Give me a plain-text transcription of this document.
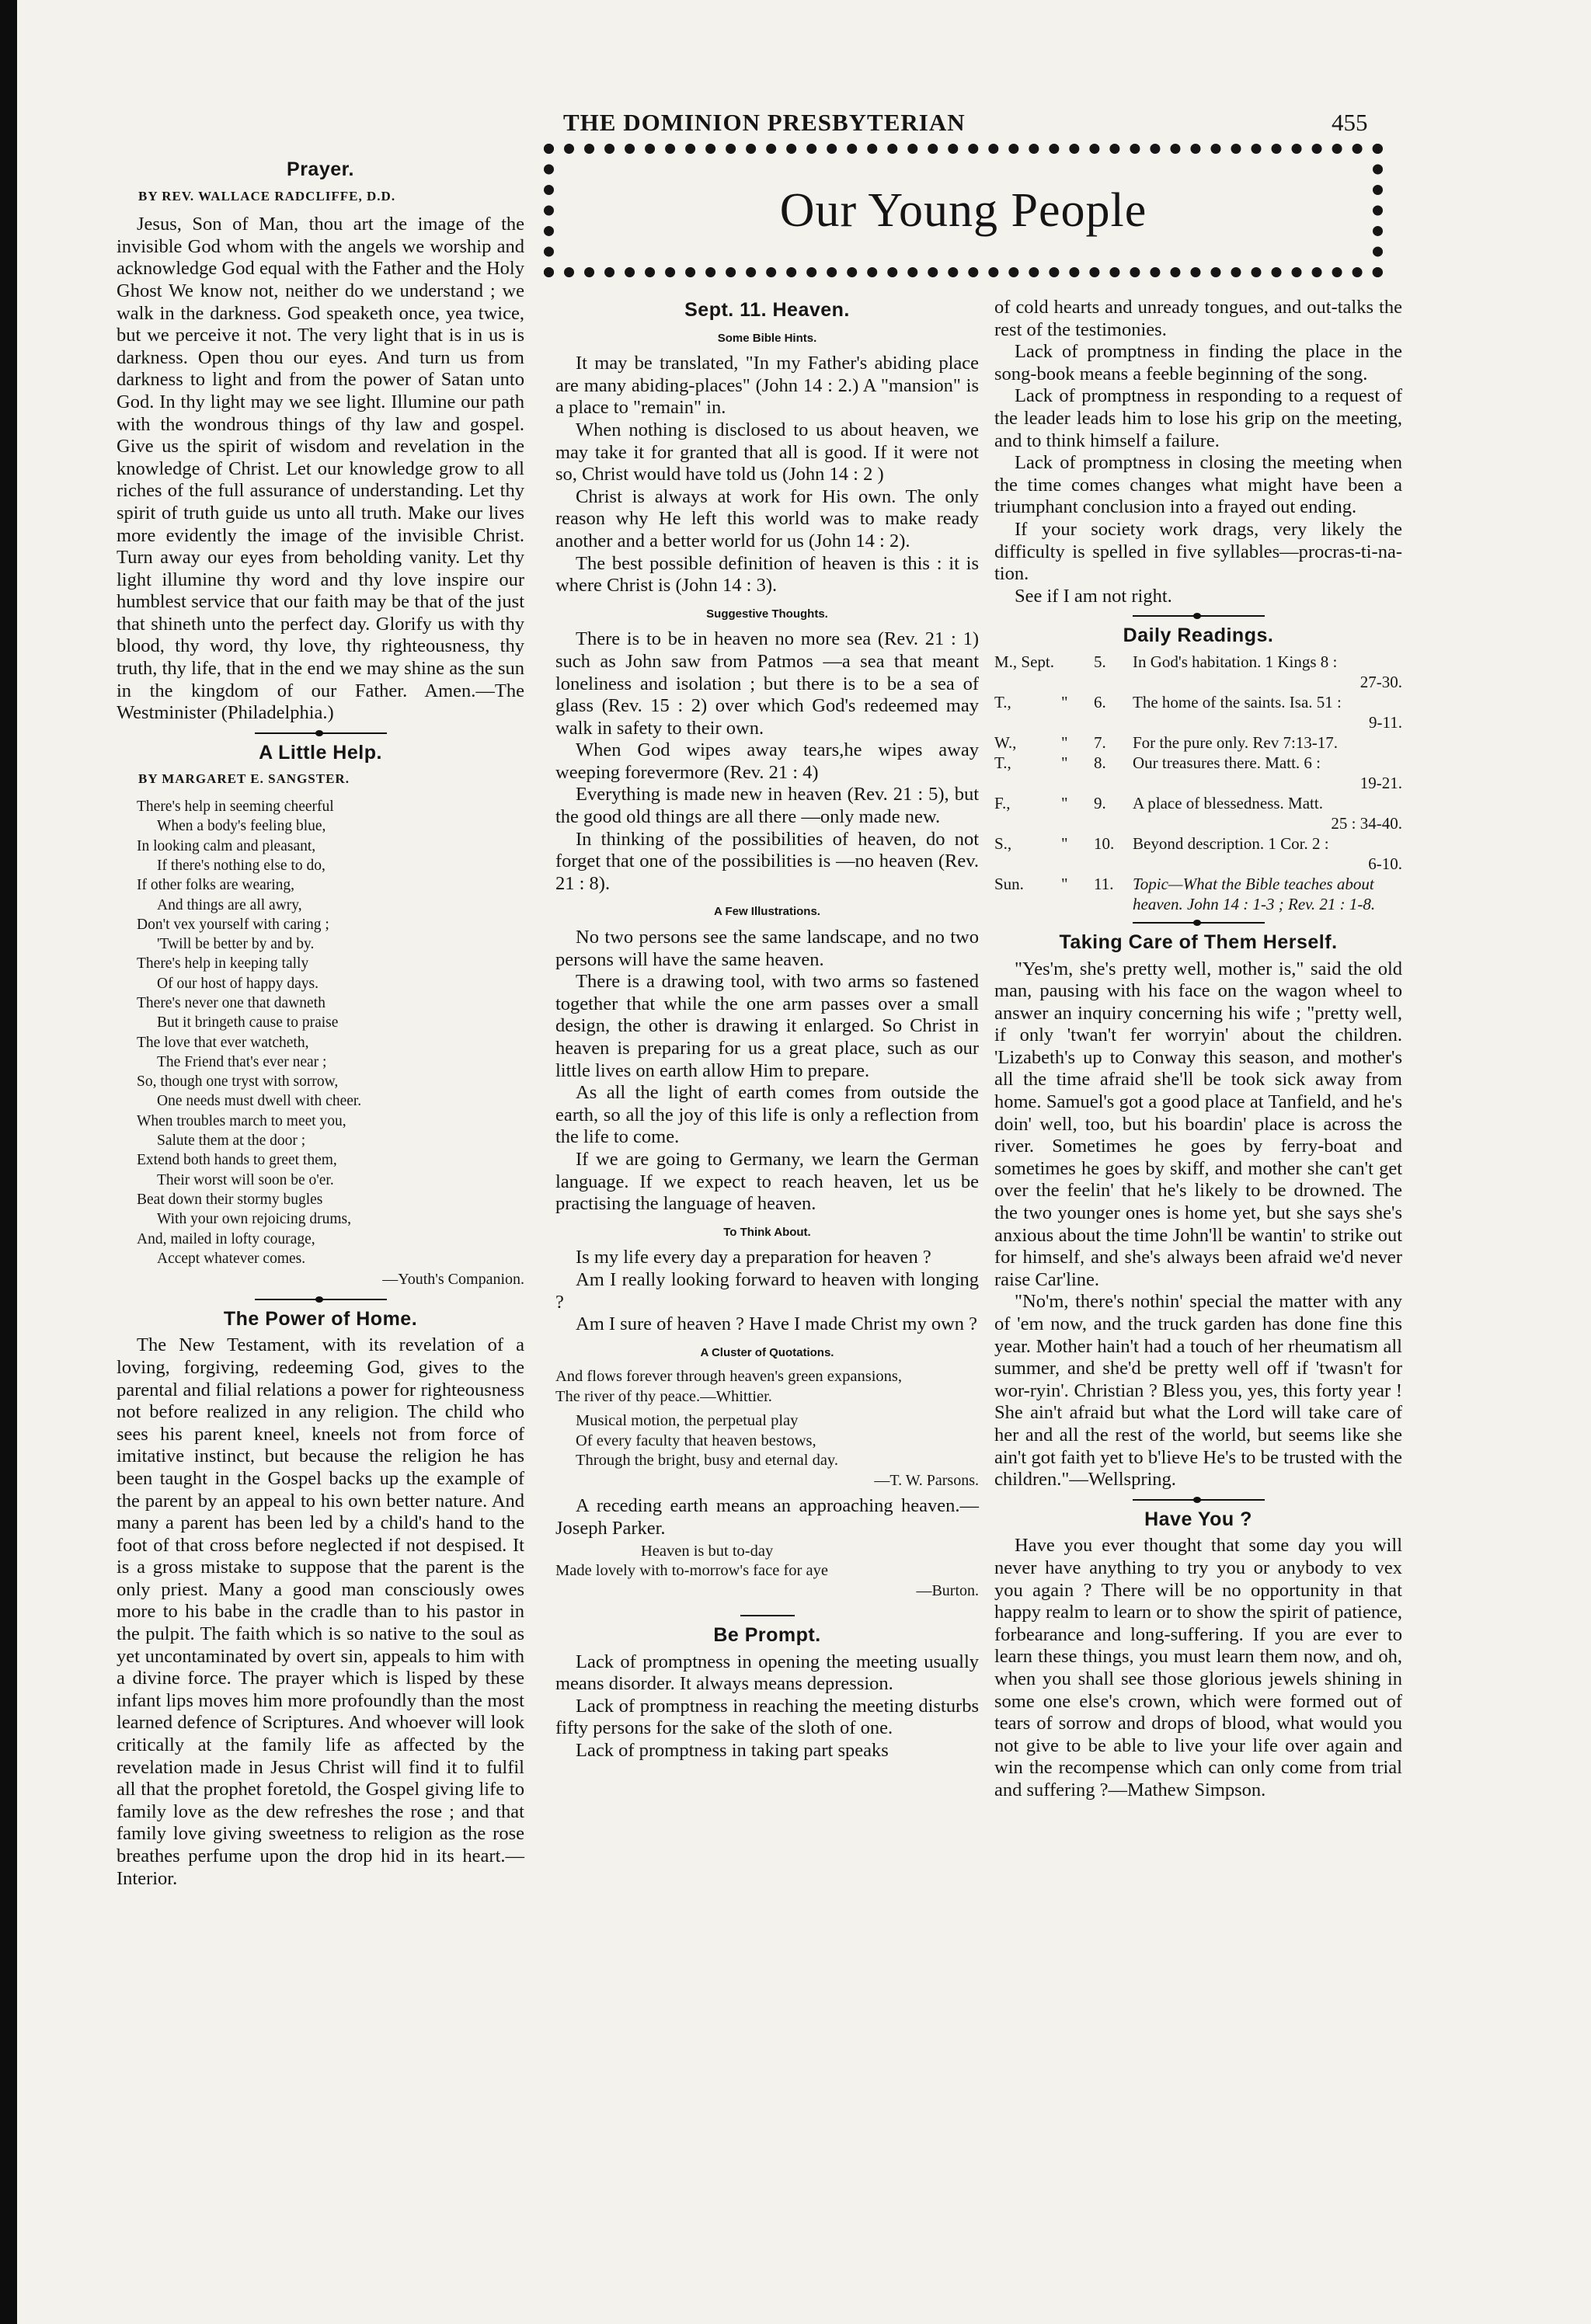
THE DOMINION PRESBYTERIAN	455
Our Young People
Prayer.
BY REV. WALLACE RADCLIFFE, D.D.

Jesus, Son of Man, thou art the image of the invisible God whom with the angels we worship and acknowledge God equal with the Father and the Holy Ghost We know not, neither do we understand ; we walk in the darkness. God speaketh once, yea twice, but we perceive it not. The very light that is in us is darkness. Open thou our eyes. And turn us from darkness to light and from the power of Satan unto God. In thy light may we see light. Illumine our path with the wondrous things of thy law and gospel. Give us the spirit of wisdom and revelation in the knowledge of Christ. Let our knowledge grow to all riches of the full assurance of understanding. Let thy spirit of truth guide us unto all truth. Make our lives more evidently the image of the invisible Christ. Turn away our eyes from beholding vanity. Let thy light illumine thy word and thy love inspire our humblest service that our faith may be that of the just that shineth unto the perfect day. Glorify us with thy blood, thy word, thy love, thy righteousness, thy truth, thy life, that in the end we may shine as the sun in the kingdom of our Father. Amen.—The Westminister (Philadelphia.)

A Little Help.
BY MARGARET E. SANGSTER.
There's help in seeming cheerful
When a body's feeling blue,
In looking calm and pleasant,
If there's nothing else to do,
If other folks are wearing,
And things are all awry,
Don't vex yourself with caring ;
'Twill be better by and by.
There's help in keeping tally
Of our host of happy days.
There's never one that dawneth
But it bringeth cause to praise
The love that ever watcheth,
The Friend that's ever near ;
So, though one tryst with sorrow,
One needs must dwell with cheer.
When troubles march to meet you,
Salute them at the door ;
Extend both hands to greet them,
Their worst will soon be o'er.
Beat down their stormy bugles
With your own rejoicing drums,
And, mailed in lofty courage,
Accept whatever comes.
—Youth's Companion.
The Power of Home.

The New Testament, with its revelation of a loving, forgiving, redeeming God, gives to the parental and filial relations a power for righteousness not before realized in any religion. The child who sees his parent kneel, kneels not from force of imitative instinct, but because the religion he has been taught in the Gospel backs up the example of the parent by an appeal to his own better nature. And many a parent has been led by a child's hand to the foot of that cross before neglected if not despised. It is a gross mistake to suppose that the parent is the only priest. Many a good man consciously owes more to his babe in the cradle than to his pastor in the pulpit. The faith which is so native to the soul as yet uncontaminated by overt sin, appeals to him with a divine force. The prayer which is lisped by these infant lips moves him more profoundly than the most learned defence of Scriptures. And whoever will look critically at the family life as affected by the revelation made in Jesus Christ will find it to fulfil all that the prophet foretold, the Gospel giving life to family love as the dew refreshes the rose ; and that family love giving sweetness to religion as the rose breathes perfume upon the drop hid in its heart.—Interior.

Sept. 11. Heaven.
Some Bible Hints.

It may be translated, "In my Father's abiding place are many abiding-places" (John 14 : 2.) A "mansion" is a place to "remain" in.

When nothing is disclosed to us about heaven, we may take it for granted that all is good. If it were not so, Christ would have told us (John 14 : 2 )

Christ is always at work for His own. The only reason why He left this world was to make ready another and a better world for us (John 14 : 2).

The best possible definition of heaven is this : it is where Christ is (John 14 : 3).

Suggestive Thoughts.

There is to be in heaven no more sea (Rev. 21 : 1) such as John saw from Patmos —a sea that meant loneliness and isolation ; but there is to be a sea of glass (Rev. 15 : 2) over which God's redeemed may walk in safety to their own.

When God wipes away tears,he wipes away weeping forevermore (Rev. 21 : 4)

Everything is made new in heaven (Rev. 21 : 5), but the good old things are all there —only made new.

In thinking of the possibilities of heaven, do not forget that one of the possibilities is —no heaven (Rev. 21 : 8).

A Few Illustrations.

No two persons see the same landscape, and no two persons will have the same heaven.

There is a drawing tool, with two arms so fastened together that while the one arm passes over a small design, the other is drawing it enlarged. So Christ in heaven is preparing for us a great place, such as our little lives on earth allow Him to prepare.

As all the light of earth comes from outside the earth, so all the joy of this life is only a reflection from the life to come.

If we are going to Germany, we learn the German language. If we expect to reach heaven, let us be practising the language of heaven.

To Think About.

Is my life every day a preparation for heaven ?

Am I really looking forward to heaven with longing ?

Am I sure of heaven ? Have I made Christ my own ?

A Cluster of Quotations.
And flows forever through heaven's green expansions,
The river of thy peace.—Whittier.
Musical motion, the perpetual play
Of every faculty that heaven bestows,
Through the bright, busy and eternal day.
—T. W. Parsons.

A receding earth means an approaching heaven.—Joseph Parker.

Heaven is but to-day
Made lovely with to-morrow's face for aye
—Burton.
Be Prompt.

Lack of promptness in opening the meeting usually means disorder. It always means depression.

Lack of promptness in reaching the meeting disturbs fifty persons for the sake of the sloth of one.

Lack of promptness in taking part speaks

of cold hearts and unready tongues, and out-talks the rest of the testimonies.

Lack of promptness in finding the place in the song-book means a feeble beginning of the song.

Lack of promptness in responding to a request of the leader leads him to lose his grip on the meeting, and to think himself a failure.

Lack of promptness in closing the meeting when the time comes changes what might have been a triumphant conclusion into a frayed out ending.

If your society work drags, very likely the difficulty is spelled in five syllables—procras-ti-na-tion.

See if I am not right.

Daily Readings.
M., Sept.		5.	In God's habitation. 1 Kings 8 :
27-30.

T.,	"	6.	The home of the saints. Isa. 51 :
9-11.

W.,	"	7.	For the pure only. Rev 7:13-17.
T.,	"	8.	Our treasures there. Matt. 6 :
19-21.

F.,	"	9.	A place of blessedness. Matt.
25 : 34-40.

S.,	"	10.	Beyond description. 1 Cor. 2 :
6-10.

Sun.	"	11.	Topic—What the Bible teaches about heaven. John 14 : 1-3 ; Rev. 21 : 1-8.
Taking Care of Them Herself.

"Yes'm, she's pretty well, mother is," said the old man, pausing with his face on the wagon wheel to answer an inquiry concerning his wife ; "pretty well, if only 'twan't fer worryin' about the children. 'Lizabeth's up to Conway this season, and mother's all the time afraid she'll be took sick away from home. Samuel's got a good place at Tanfield, and he's doin' well, too, but his boardin' place is across the river. Sometimes he goes by ferry-boat and sometimes he goes by skiff, and mother she can't get over the feelin' that he's likely to be drowned. The the two younger ones is home yet, but she says she's anxious about the time John'll be wantin' to strike out for himself, and she's always been afraid we'd never raise Car'line.

"No'm, there's nothin' special the matter with any of 'em now, and the truck garden has done fine this year. Mother hain't had a touch of her rheumatism all summer, and she'd be pretty well off if 'twasn't for wor-ryin'. Christian ? Bless you, yes, this forty year ! She ain't afraid but what the Lord will take care of her and all the rest of the world, but seems like she ain't got faith yet to b'lieve He's to be trusted with the children."—Wellspring.

Have You ?

Have you ever thought that some day you will never have anything to try you or anybody to vex you again ? There will be no opportunity in that happy realm to learn or to show the spirit of patience, forbearance and long-suffering. If you are ever to learn these things, you must learn them now, and oh, when you shall see those glorious jewels shining in some one else's crown, which were formed out of tears of sorrow and drops of blood, what would you not give to be able to live your life over again and win the recompense which can only come from trial and suffering ?—Mathew Simpson.
